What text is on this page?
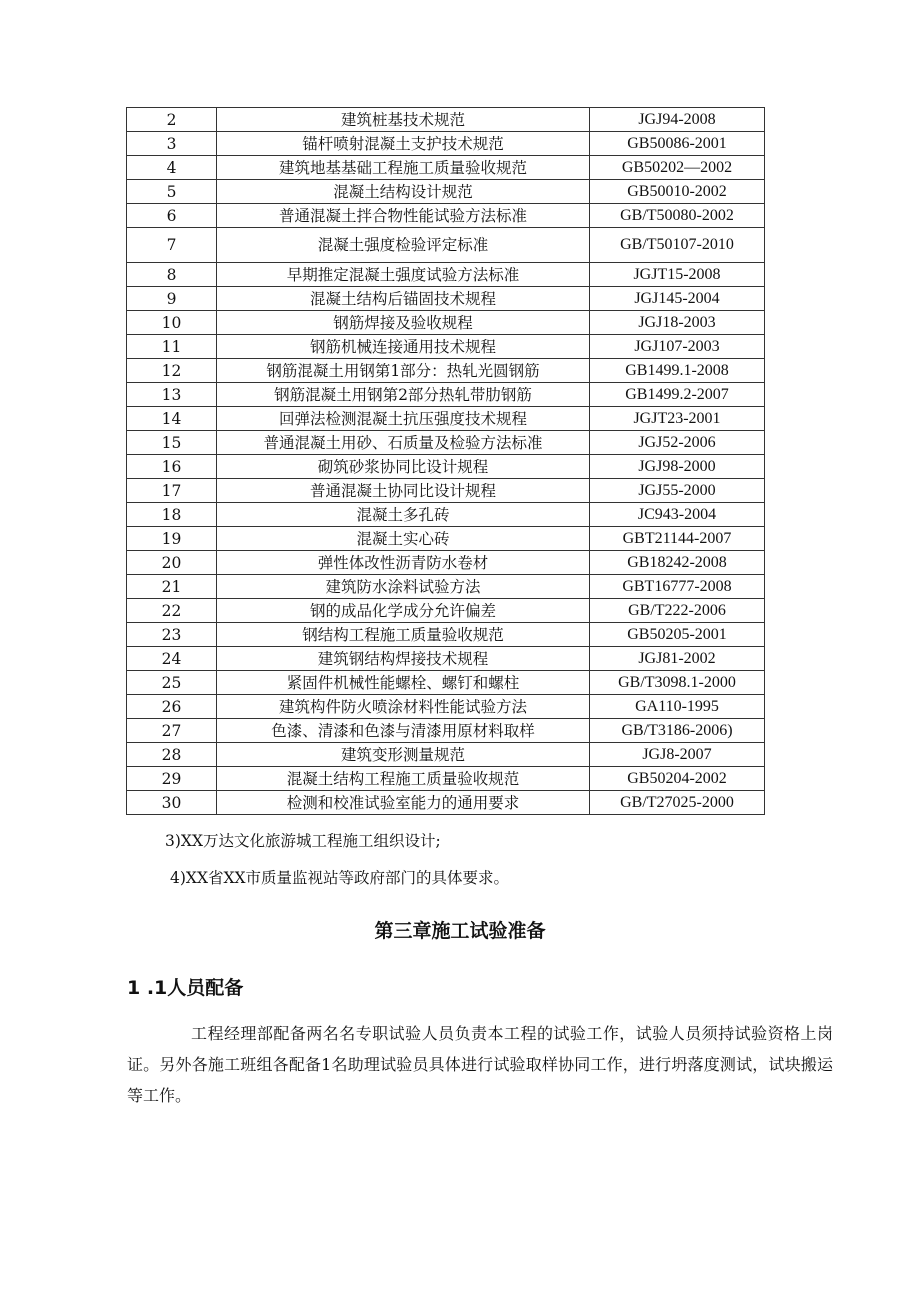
2	建筑桩基技术规范	JGJ94-2008
3	锚杆喷射混凝土支护技术规范	GB50086-2001
4	建筑地基基础工程施工质量验收规范	GB50202—2002
5	混凝土结构设计规范	GB50010-2002
6	普通混凝土拌合物性能试验方法标准	GB/T50080-2002
7	混凝土强度检验评定标准	GB/T50107-2010
8	早期推定混凝土强度试验方法标准	JGJT15-2008
9	混凝土结构后锚固技术规程	JGJ145-2004
10	钢筋焊接及验收规程	JGJ18-2003
11	钢筋机械连接通用技术规程	JGJ107-2003
12	钢筋混凝土用钢第1部分：热轧光圆钢筋	GB1499.1-2008
13	钢筋混凝土用钢第2部分热轧带肋钢筋	GB1499.2-2007
14	回弹法检测混凝土抗压强度技术规程	JGJT23-2001
15	普通混凝土用砂、石质量及检验方法标准	JGJ52-2006
16	砌筑砂浆协同比设计规程	JGJ98-2000
17	普通混凝土协同比设计规程	JGJ55-2000
18	混凝土多孔砖	JC943-2004
19	混凝土实心砖	GBT21144-2007
20	弹性体改性沥青防水卷材	GB18242-2008
21	建筑防水涂料试验方法	GBT16777-2008
22	钢的成品化学成分允许偏差	GB/T222-2006
23	钢结构工程施工质量验收规范	GB50205-2001
24	建筑钢结构焊接技术规程	JGJ81-2002
25	紧固件机械性能螺栓、螺钉和螺柱	GB/T3098.1-2000
26	建筑构件防火喷涂材料性能试验方法	GA110-1995
27	色漆、清漆和色漆与清漆用原材料取样	GB/T3186-2006)
28	建筑变形测量规范	JGJ8-2007
29	混凝土结构工程施工质量验收规范	GB50204-2002
30	检测和校准试验室能力的通用要求	GB/T27025-2000
3)XX万达文化旅游城工程施工组织设计;
4)XX省XX市质量监视站等政府部门的具体要求。
第三章施工试验准备
1 .1人员配备
工程经理部配备两名名专职试验人员负责本工程的试验工作，试验人员须持试验资格上岗证。另外各施工班组各配备1名助理试验员具体进行试验取样协同工作，进行坍落度测试，试块搬运等工作。
